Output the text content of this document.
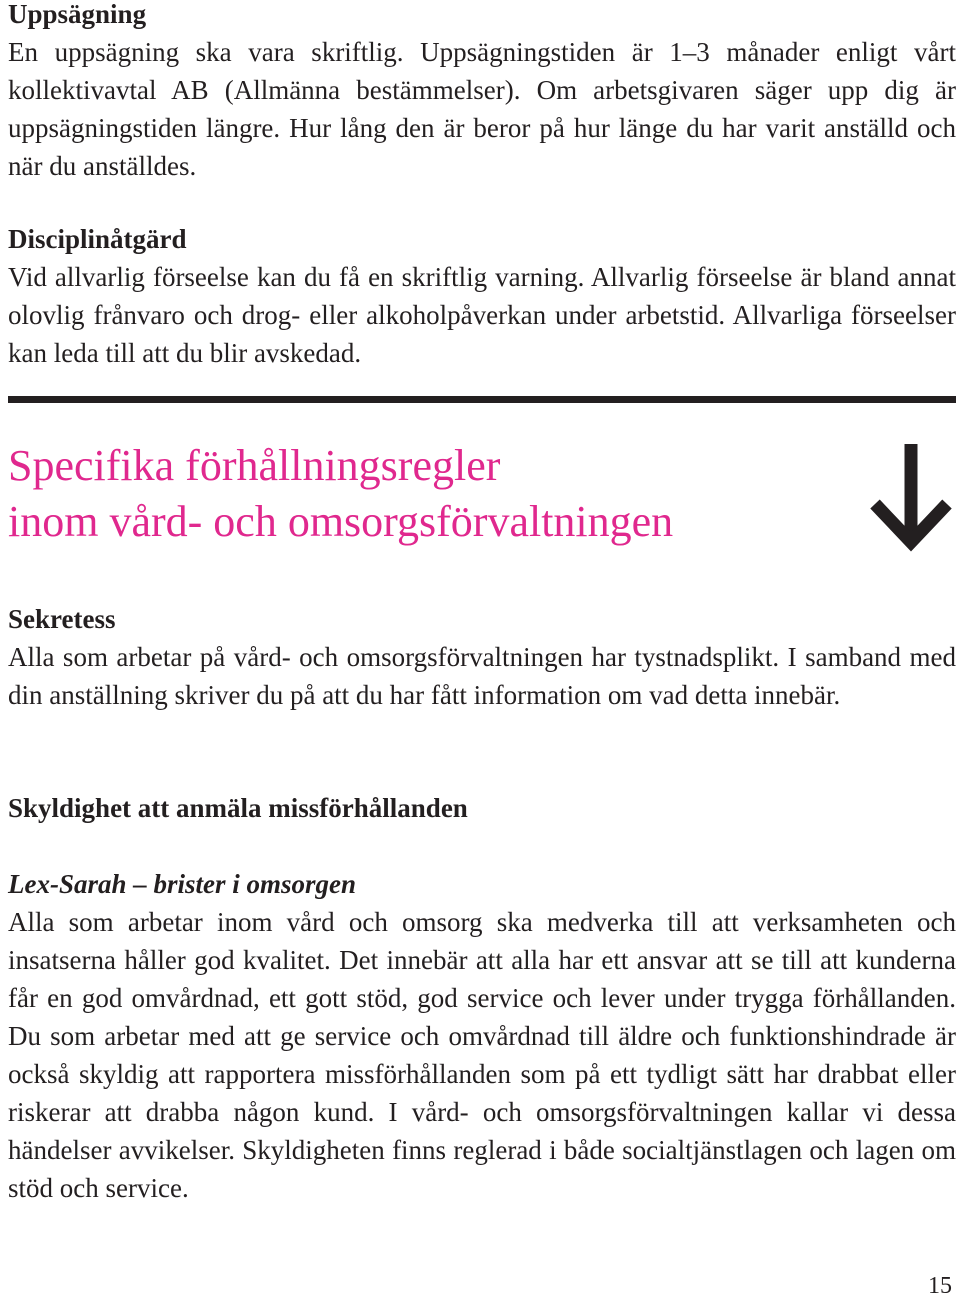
Uppsägning

En uppsägning ska vara skriftlig. Uppsägningstiden är 1–3 månader enligt vårt kollektivavtal AB (Allmänna bestämmelser). Om arbetsgivaren säger upp dig är uppsägningstiden längre. Hur lång den är beror på hur länge du har varit anställd och när du anställdes.

Disciplinåtgärd

Vid allvarlig förseelse kan du få en skriftlig varning. Allvarlig förseelse är bland annat olovlig frånvaro och drog- eller alkoholpåverkan under arbetstid. Allvarliga förseelser kan leda till att du blir avskedad.

Specifika förhållningsregler
inom vård- och omsorgsförvaltningen
Sekretess

Alla som arbetar på vård- och omsorgsförvaltningen har tystnadsplikt. I samband med din anställning skriver du på att du har fått information om vad detta innebär.

Skyldighet att anmäla missförhållanden
Lex-Sarah – brister i omsorgen

Alla som arbetar inom vård och omsorg ska medverka till att verksamheten och insatserna håller god kvalitet. Det innebär att alla har ett ansvar att se till att kunderna får en god omvårdnad, ett gott stöd, god service och lever under trygga förhållanden. Du som arbetar med att ge service och omvårdnad till äldre och funktionshindrade är också skyldig att rapportera missförhållanden som på ett tydligt sätt har drabbat eller riskerar att drabba någon kund. I vård- och omsorgsförvaltningen kallar vi dessa händelser avvikelser. Skyldigheten finns reglerad i både socialtjänstlagen och lagen om stöd och service.

15
